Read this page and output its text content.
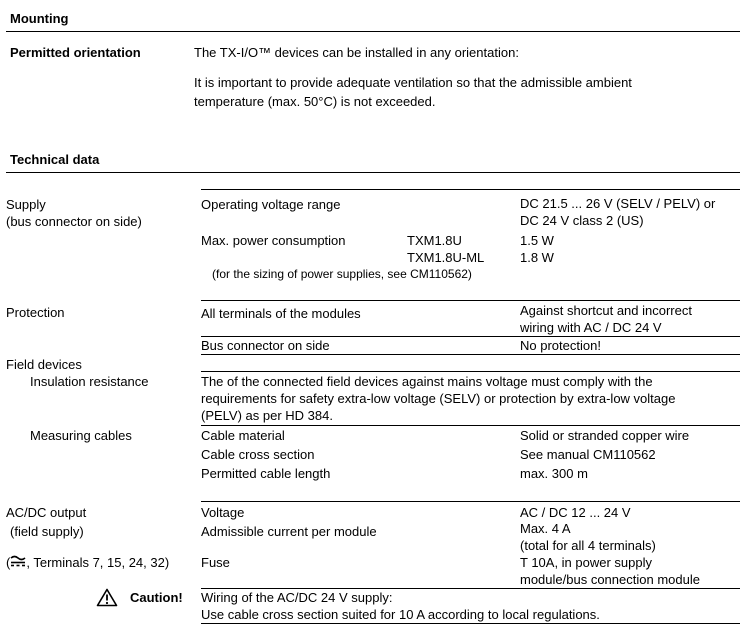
Mounting
Permitted orientation	The TX-I/O™ devices can be installed in any orientation:
It is important to provide adequate ventilation so that the admissible ambient
temperature (max. 50°C) is not exceeded.
Technical data
Supply
(bus connector on side)
Operating voltage range	DC 21.5 ... 26 V (SELV / PELV) or
DC 24 V class 2 (US)
Max. power consumption	TXM1.8U	1.5 W
TXM1.8U-ML	1.8 W
(for the sizing of power supplies, see CM110562)
Protection	All terminals of the modules	Against shortcut and incorrect
wiring with AC / DC 24 V
Bus connector on side	No protection!
Field devices
Insulation resistance	The of the connected field devices against mains voltage must comply with the
requirements for safety extra-low voltage (SELV) or protection by extra-low voltage
(PELV) as per HD 384.
Measuring cables	Cable material	Solid or stranded copper wire
Cable cross section	See manual CM110562
Permitted cable length	max. 300 m
AC/DC output
(field supply)
( , Terminals 7, 15, 24, 32)
Voltage	AC / DC 12 ... 24 V
Admissible current per module	Max. 4 A
(total for all 4 terminals)
Fuse	T 10A, in power supply
module/bus connection module
Caution! Wiring of the AC/DC 24 V supply:
Use cable cross section suited for 10 A according to local regulations.
